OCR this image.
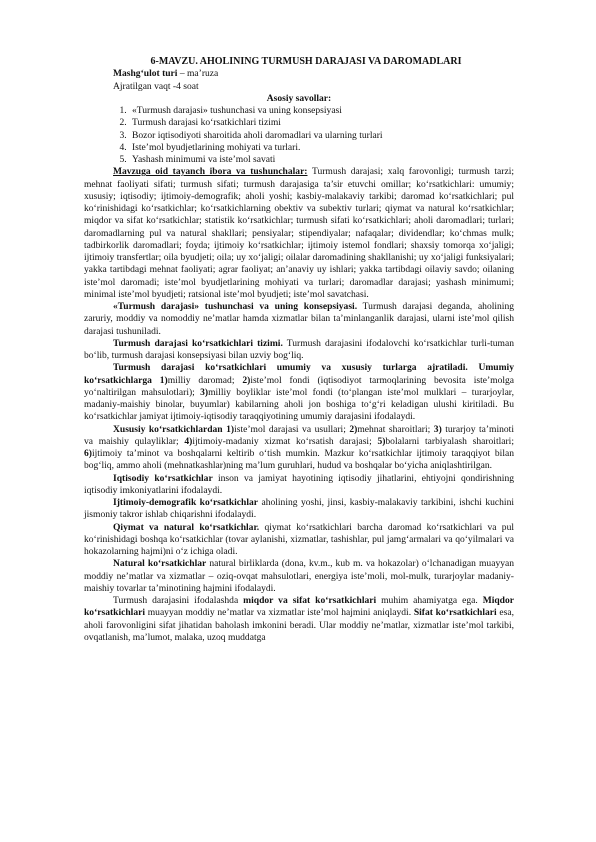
6-MAVZU. AHOLINING TURMUSH DARAJASI VA DAROMADLARI

Mashg‘ulot turi – ma’ruza

Ajratilgan vaqt -4 soat

Asosiy savollar:

1. «Turmush darajasi» tushunchasi va uning konsepsiyasi
2. Turmush darajasi ko‘rsatkichlari tizimi
3. Bozor iqtisodiyoti sharoitida aholi daromadlari va ularning turlari
4. Iste’mol byudjetlarining mohiyati va turlari.
5. Yashash minimumi va iste’mol savati

Mavzuga oid tayanch ibora va tushunchalar: Turmush darajasi; xalq farovonligi; turmush tarzi; mehnat faoliyati sifati; turmush sifati; turmush darajasiga ta’sir etuvchi omillar; ko‘rsatkichlari: umumiy; xususiy; iqtisodiy; ijtimoiy-demografik; aholi yoshi; kasbiy-malakaviy tarkibi; daromad ko‘rsatkichlari; pul ko‘rinishidagi ko‘rsatkichlar; ko‘rsatkichlarning obektiv va subektiv turlari; qiymat va natural ko‘rsatkichlar; miqdor va sifat ko‘rsatkichlar; statistik ko‘rsatkichlar; turmush sifati ko‘rsatkichlari; aholi daromadlari; turlari; daromadlarning pul va natural shakllari; pensiyalar; stipendiyalar; nafaqalar; dividendlar; ko‘chmas mulk; tadbirkorlik daromadlari; foyda; ijtimoiy ko‘rsatkichlar; ijtimoiy istemol fondlari; shaxsiy tomorqa xo‘jaligi; ijtimoiy transfertlar; oila byudjeti; oila; uy xo‘jaligi; oilalar daromadining shakllanishi; uy xo‘jaligi funksiyalari; yakka tartibdagi mehnat faoliyati; agrar faoliyat; an’anaviy uy ishlari; yakka tartibdagi oilaviy savdo; oilaning iste’mol daromadi; iste’mol byudjetlarining mohiyati va turlari; daromadlar darajasi; yashash minimumi; minimal iste’mol byudjeti; ratsional iste’mol byudjeti; iste’mol savatchasi.

«Turmush darajasi» tushunchasi va uning konsepsiyasi. Turmush darajasi deganda, aholining zaruriy, moddiy va nomoddiy ne’matlar hamda xizmatlar bilan ta’minlanganlik darajasi, ularni iste’mol qilish darajasi tushuniladi.

Turmush darajasi ko‘rsatkichlari tizimi. Turmush darajasini ifodalovchi ko‘rsatkichlar turli-tuman bo‘lib, turmush darajasi konsepsiyasi bilan uzviy bog‘liq.

Turmush darajasi ko‘rsatkichlari umumiy va xususiy turlarga ajratiladi. Umumiy ko‘rsatkichlarga 1)milliy daromad; 2)iste’mol fondi (iqtisodiyot tarmoqlarining bevosita iste’molga yo‘naltirilgan mahsulotlari); 3)milliy boyliklar iste’mol fondi (to‘plangan iste’mol mulklari – turarjoylar, madaniy-maishiy binolar, buyumlar) kabilarning aholi jon boshiga to‘g‘ri keladigan ulushi kiritiladi. Bu ko‘rsatkichlar jamiyat ijtimoiy-iqtisodiy taraqqiyotining umumiy darajasini ifodalaydi.

Xususiy ko‘rsatkichlardan 1)iste’mol darajasi va usullari; 2)mehnat sharoitlari; 3) turarjoy ta’minoti va maishiy qulayliklar; 4)ijtimoiy-madaniy xizmat ko‘rsatish darajasi; 5)bolalarni tarbiyalash sharoitlari; 6)ijtimoiy ta’minot va boshqalarni keltirib o‘tish mumkin. Mazkur ko‘rsatkichlar ijtimoiy taraqqiyot bilan bog‘liq, ammo aholi (mehnatkashlar)ning ma’lum guruhlari, hudud va boshqalar bo‘yicha aniqlashtirilgan.

Iqtisodiy ko‘rsatkichlar inson va jamiyat hayotining iqtisodiy jihatlarini, ehtiyojni qondirishning iqtisodiy imkoniyatlarini ifodalaydi.

Ijtimoiy-demografik ko‘rsatkichlar aholining yoshi, jinsi, kasbiy-malakaviy tarkibini, ishchi kuchini jismoniy takror ishlab chiqarishni ifodalaydi.

Qiymat va natural ko‘rsatkichlar. qiymat ko‘rsatkichlari barcha daromad ko‘rsatkichlari va pul ko‘rinishidagi boshqa ko‘rsatkichlar (tovar aylanishi, xizmatlar, tashishlar, pul jamg‘armalari va qo‘yilmalari va hokazolarning hajmi)ni o‘z ichiga oladi.

Natural ko‘rsatkichlar natural birliklarda (dona, kv.m., kub m. va hokazolar) o‘lchanadigan muayyan moddiy ne’matlar va xizmatlar – oziq-ovqat mahsulotlari, energiya iste’moli, mol-mulk, turarjoylar madaniy-maishiy tovarlar ta’minotining hajmini ifodalaydi.

Turmush darajasini ifodalashda miqdor va sifat ko‘rsatkichlari muhim ahamiyatga ega. Miqdor ko‘rsatkichlari muayyan moddiy ne’matlar va xizmatlar iste’mol hajmini aniqlaydi. Sifat ko‘rsatkichlari esa, aholi farovonligini sifat jihatidan baholash imkonini beradi. Ular moddiy ne’matlar, xizmatlar iste’mol tarkibi, ovqatlanish, ma’lumot, malaka, uzoq muddatga
